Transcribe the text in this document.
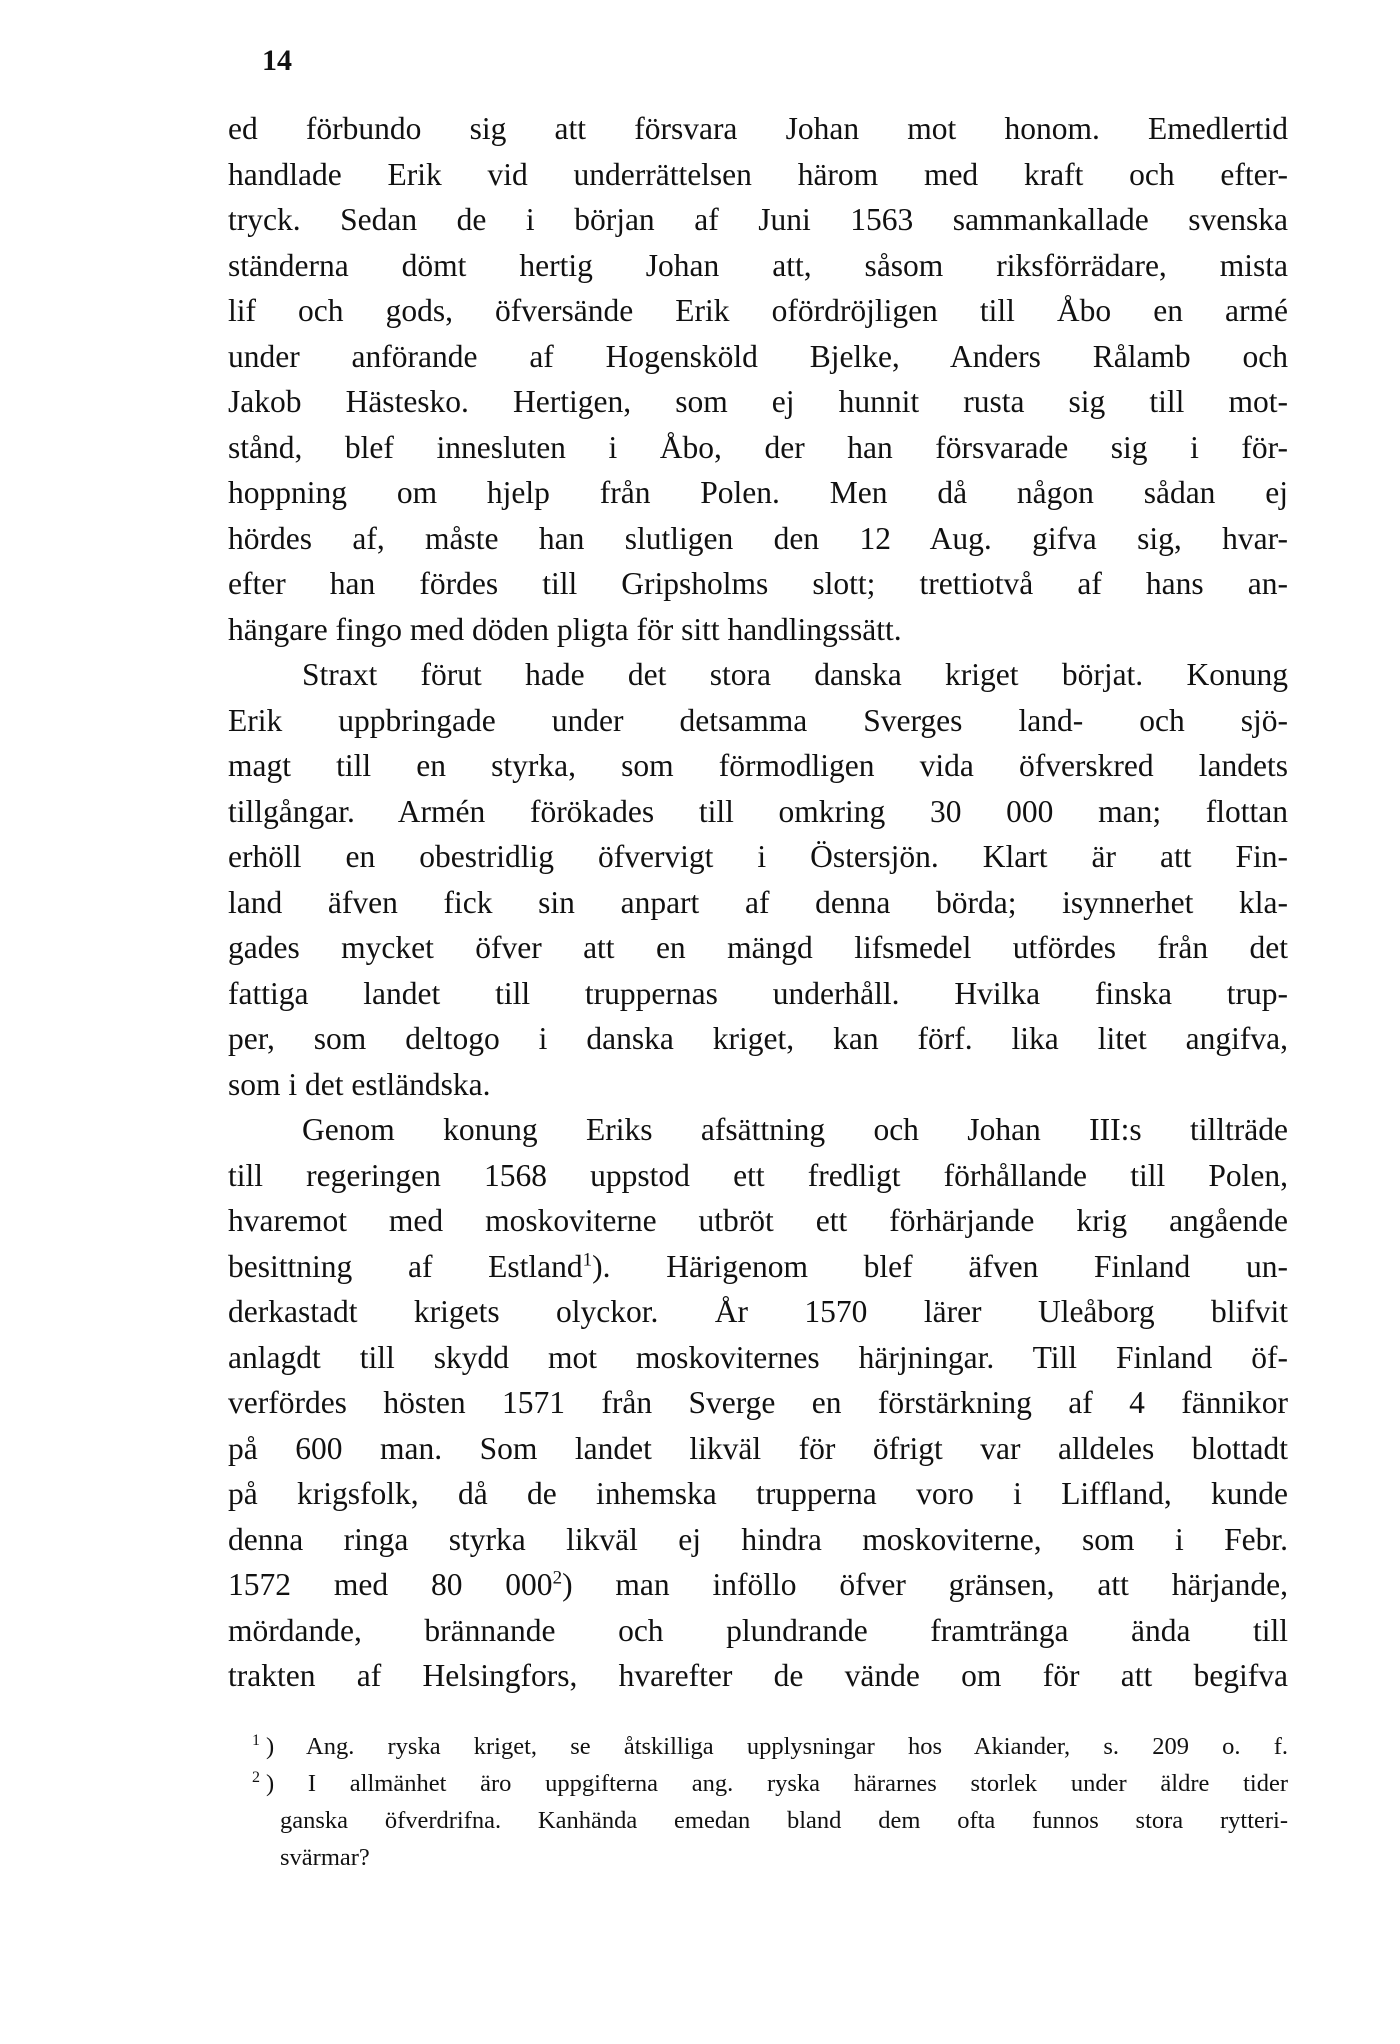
14

ed förbundo sig att försvara Johan mot honom. Emedlertid
handlade Erik vid underrättelsen härom med kraft och efter-
tryck. Sedan de i början af Juni 1563 sammankallade svenska
ständerna dömt hertig Johan att, såsom riksförrädare, mista
lif och gods, öfversände Erik ofördröjligen till Åbo en armé
under anförande af Hogensköld Bjelke, Anders Rålamb och
Jakob Hästesko. Hertigen, som ej hunnit rusta sig till mot-
stånd, blef innesluten i Åbo, der han försvarade sig i för-
hoppning om hjelp från Polen. Men då någon sådan ej
hördes af, måste han slutligen den 12 Aug. gifva sig, hvar-
efter han fördes till Gripsholms slott; trettiotvå af hans an-
hängare fingo med döden pligta för sitt handlingssätt.
Straxt förut hade det stora danska kriget börjat. Konung
Erik uppbringade under detsamma Sverges land- och sjö-
magt till en styrka, som förmodligen vida öfverskred landets
tillgångar. Armén förökades till omkring 30 000 man; flottan
erhöll en obestridlig öfvervigt i Östersjön. Klart är att Fin-
land äfven fick sin anpart af denna börda; isynnerhet kla-
gades mycket öfver att en mängd lifsmedel utfördes från det
fattiga landet till truppernas underhåll. Hvilka finska trup-
per, som deltogo i danska kriget, kan förf. lika litet angifva,
som i det estländska.
Genom konung Eriks afsättning och Johan III:s tillträde
till regeringen 1568 uppstod ett fredligt förhållande till Polen,
hvaremot med moskoviterne utbröt ett förhärjande krig angående
besittning af Estland$^1$). Härigenom blef äfven Finland un-
derkastadt krigets olyckor. År 1570 lärer Uleåborg blifvit
anlagdt till skydd mot moskoviternes härjningar. Till Finland öf-
verfördes hösten 1571 från Sverge en förstärkning af 4 fännikor
på 600 man. Som landet likväl för öfrigt var alldeles blottadt
på krigsfolk, då de inhemska trupperna voro i Liffland, kunde
denna ringa styrka likväl ej hindra moskoviterne, som i Febr.
1572 med 80 $000^2$) man inföllo öfver gränsen, att härjande,
mördande, brännande och plundrande framtränga ända till
trakten af Helsingfors, hvarefter de vände om för att begifva
$^1$ ) Ang. ryska kriget, se åtskilliga upplysningar hos Akiander, s. 209 o. f.
$^2$ ) I allmänhet äro uppgifterna ang. ryska härarnes storlek under äldre tider
ganska öfverdrifna. Kanhända emedan bland dem ofta funnos stora rytteri-
svärmar?
